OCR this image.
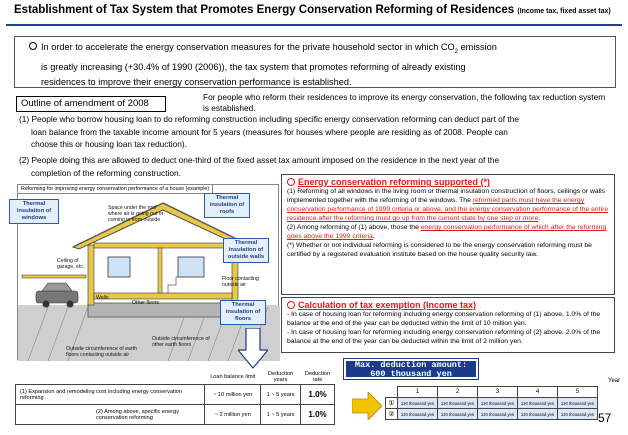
Establishment of Tax System that Promotes Energy Conservation Reforming of Residences (Income tax, fixed asset tax)
In order to accelerate the energy conservation measures for the private household sector in which $CO_2$ emission
is greatly increasing (+30.4% of 1990 (2006)), the tax system that promotes reforming of already existing
residences to improve their energy conservation performance is established.
Outline of amendment of 2008
For people who reform their residences to improve its energy conservation, the following tax reduction system is established.
(1) People who borrow housing loan to do reforming construction including specific energy conservation reforming can deduct part of the
loan balance from the taxable income amount for 5 years (measures for houses where people are residing as of 2008. People can
choose this or housing loan tax reduction).
(2) People doing this are allowed to deduct one-third of the fixed asset tax amount imposed on the residence in the next year of the
completion of the reforming construction.
Reforming for improving energy conservation performance of a house (example)
Thermal insulation of windows
Thermal insulation of roofs
Thermal insulation of outside walls
Thermal insulation of floors
Space under the roof where air is going out or coming in from outside
Ceiling of garage, etc.
Walls
Other floors
Floor contacting outside air
Outside circumference of earth floors contacting outside air
Outside circumference of other earth floors
Energy conservation reforming supported (*)
(1) Reforming of all windows in the living room or thermal insulation construction of floors, ceilings or walls implemented together with the reforming of the windows. The reformed parts must have the energy conservation performance of 1999 criteria or above, and the energy conservation performance of the entire residence after the reforming must go up from the current state by one step or more.
(2) Among reforming of (1) above, those the energy conservation performance of which after the reforming goes above the 1999 criteria.
(*) Whether or not individual reforming is considered to be the energy conservation reforming must be certified by a registered evaluation institute based on the house quality security law.
Calculation of tax exemption (Income tax)
- In case of housing loan for reforming including energy conservation reforming of (1) above, 1.0% of the balance at the end of the year can be deducted within the limit of 10 million yen.
- In case of housing loan for reforming including energy conservation reforming of (2) above, 2.0% of the balance at the end of the year can be deducted within the limit of 2 million yen.
	Loan balance limit	Deduction years	Deduction rate
(1) Expansion and remodeling cost including energy conservation reforming	~ 10 million yen	1 ~ 5 years	1.0%
(2) Among above, specific energy conservation reforming	~ 2 million yen	1 ~ 5 years	1.0%
Max. deduction amount:
600 thousand yen
Year
	1	2	3	4	5
①	120 thousand yen	120 thousand yen	120 thousand yen	120 thousand yen	120 thousand yen
②	120 thousand yen	120 thousand yen	120 thousand yen	120 thousand yen	120 thousand yen 57
